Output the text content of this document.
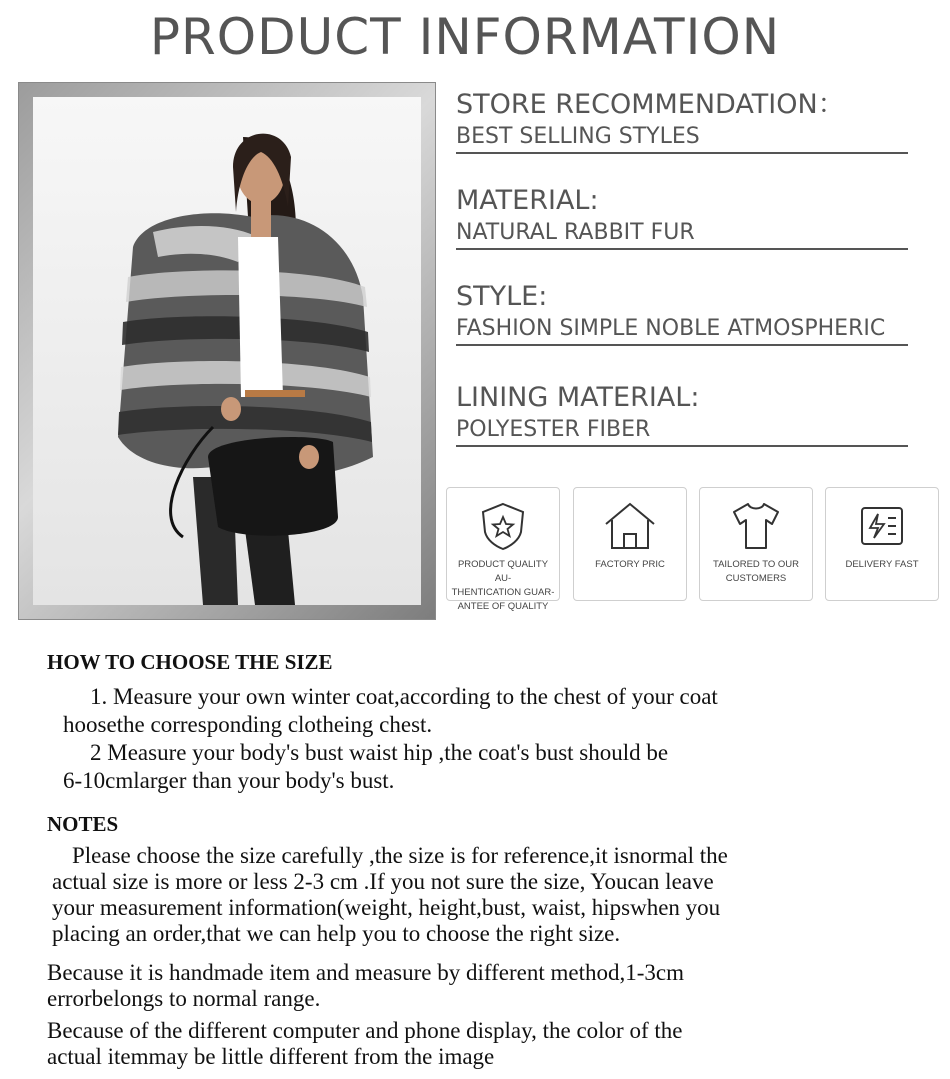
PRODUCT INFORMATION
STORE RECOMMENDATION：
BEST SELLING STYLES
MATERIAL:
NATURAL RABBIT FUR
STYLE:
FASHION SIMPLE NOBLE ATMOSPHERIC
LINING MATERIAL:
POLYESTER FIBER
PRODUCT QUALITY AU-
THENTICATION GUAR-
ANTEE OF QUALITY
FACTORY PRIC	TAILORED TO OUR
CUSTOMERS
DELIVERY FAST
HOW TO CHOOSE THE SIZE
1. Measure your own winter coat,according to the chest of your coat
hoosethe corresponding clotheing chest.
2 Measure your body's bust waist hip ,the coat's bust should be
6-10cmlarger than your body's bust.
NOTES
Please choose the size carefully ,the size is for reference,it isnormal the
actual size is more or less 2-3 cm .If you not sure the size, Youcan leave
your measurement information(weight, height,bust, waist, hipswhen you
placing an order,that we can help you to choose the right size.
Because it is handmade item and measure by different method,1-3cm
errorbelongs to normal range.
Because of the different computer and phone display, the color of the
actual itemmay be little different from the image
